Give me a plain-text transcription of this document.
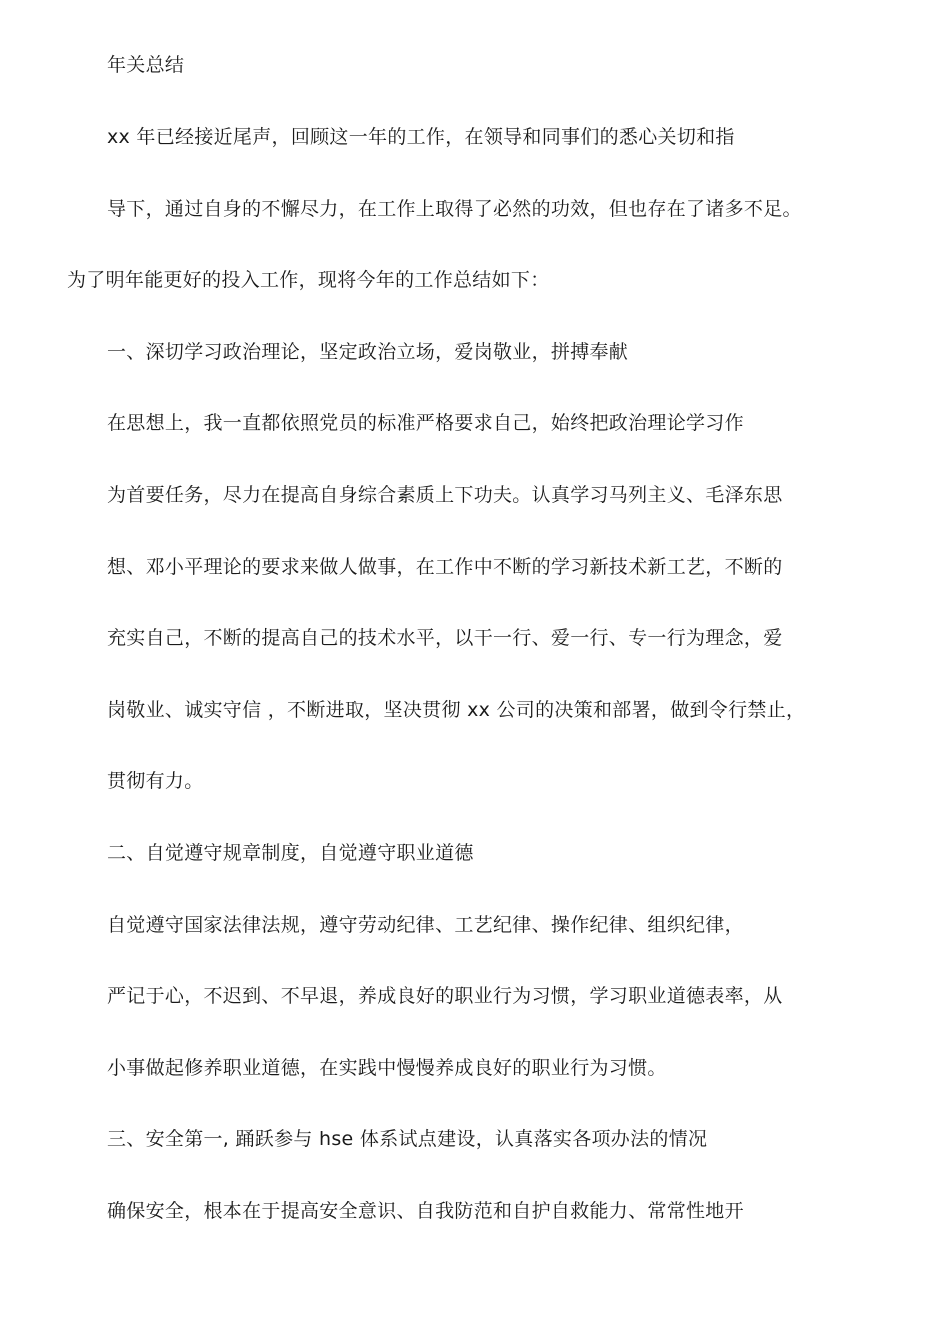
年关总结
xx 年已经接近尾声，回顾这一年的工作，在领导和同事们的悉心关切和指
导下，通过自身的不懈尽力，在工作上取得了必然的功效，但也存在了诸多不足。
为了明年能更好的投入工作，现将今年的工作总结如下：
一、深切学习政治理论，坚定政治立场，爱岗敬业，拼搏奉献
在思想上，我一直都依照党员的标准严格要求自己，始终把政治理论学习作
为首要任务，尽力在提高自身综合素质上下功夫。认真学习马列主义、毛泽东思
想、邓小平理论的要求来做人做事，在工作中不断的学习新技术新工艺，不断的
充实自己，不断的提高自己的技术水平，以干一行、爱一行、专一行为理念，爱
岗敬业、诚实守信 ，不断进取，坚决贯彻 xx 公司的决策和部署，做到令行禁止，
贯彻有力。
二、自觉遵守规章制度，自觉遵守职业道德
自觉遵守国家法律法规，遵守劳动纪律、工艺纪律、操作纪律、组织纪律，
严记于心，不迟到、不早退，养成良好的职业行为习惯，学习职业道德表率，从
小事做起修养职业道德，在实践中慢慢养成良好的职业行为习惯。
三、安全第一, 踊跃参与 hse 体系试点建设，认真落实各项办法的情况
确保安全，根本在于提高安全意识、自我防范和自护自救能力、常常性地开
